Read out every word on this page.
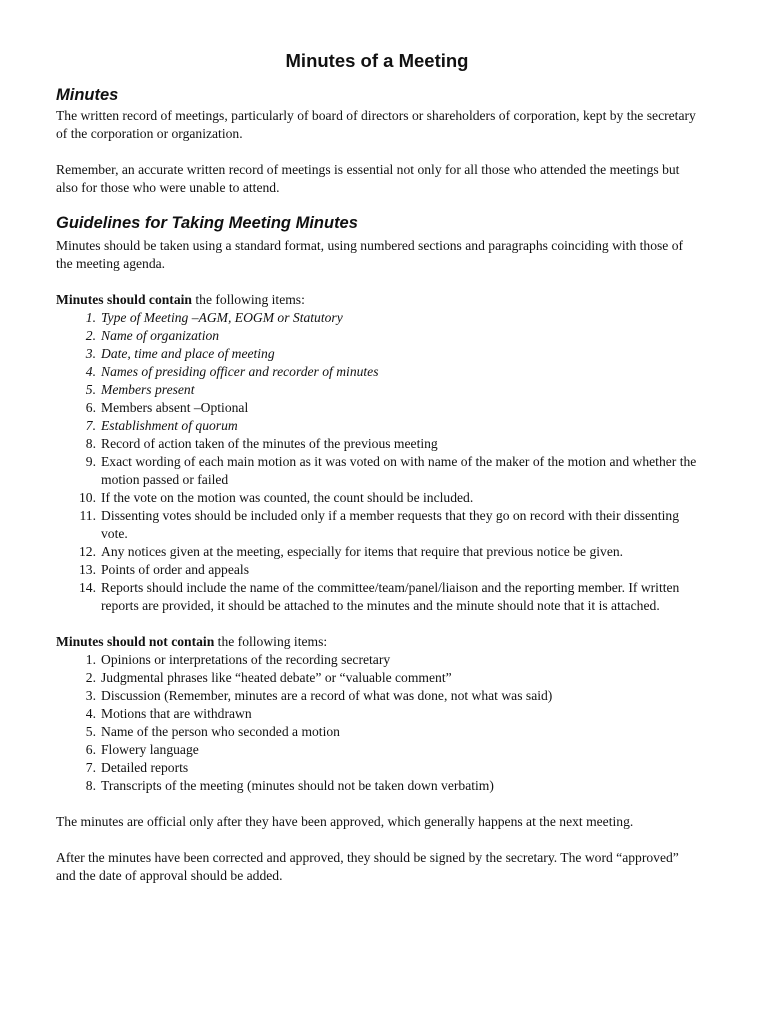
Minutes of a Meeting
Minutes

The written record of meetings, particularly of board of directors or shareholders of corporation, kept by the secretary of the corporation or organization.

Remember, an accurate written record of meetings is essential not only for all those who attended the meetings but also for those who were unable to attend.

Guidelines for Taking Meeting Minutes

Minutes should be taken using a standard format, using numbered sections and paragraphs coinciding with those of the meeting agenda.

Minutes should contain the following items:

1. Type of Meeting –AGM, EOGM or Statutory
2. Name of organization
3. Date, time and place of meeting
4. Names of presiding officer and recorder of minutes
5. Members present
6. Members absent –Optional
7. Establishment of quorum
8. Record of action taken of the minutes of the previous meeting
9. Exact wording of each main motion as it was voted on with name of the maker of the motion and whether the motion passed or failed
10. If the vote on the motion was counted, the count should be included.
11. Dissenting votes should be included only if a member requests that they go on record with their dissenting vote.
12. Any notices given at the meeting, especially for items that require that previous notice be given.
13. Points of order and appeals
14. Reports should include the name of the committee/team/panel/liaison and the reporting member. If written reports are provided, it should be attached to the minutes and the minute should note that it is attached.

Minutes should not contain the following items:

1. Opinions or interpretations of the recording secretary
2. Judgmental phrases like “heated debate” or “valuable comment”
3. Discussion (Remember, minutes are a record of what was done, not what was said)
4. Motions that are withdrawn
5. Name of the person who seconded a motion
6. Flowery language
7. Detailed reports
8. Transcripts of the meeting (minutes should not be taken down verbatim)

The minutes are official only after they have been approved, which generally happens at the next meeting.

After the minutes have been corrected and approved, they should be signed by the secretary. The word “approved” and the date of approval should be added.
